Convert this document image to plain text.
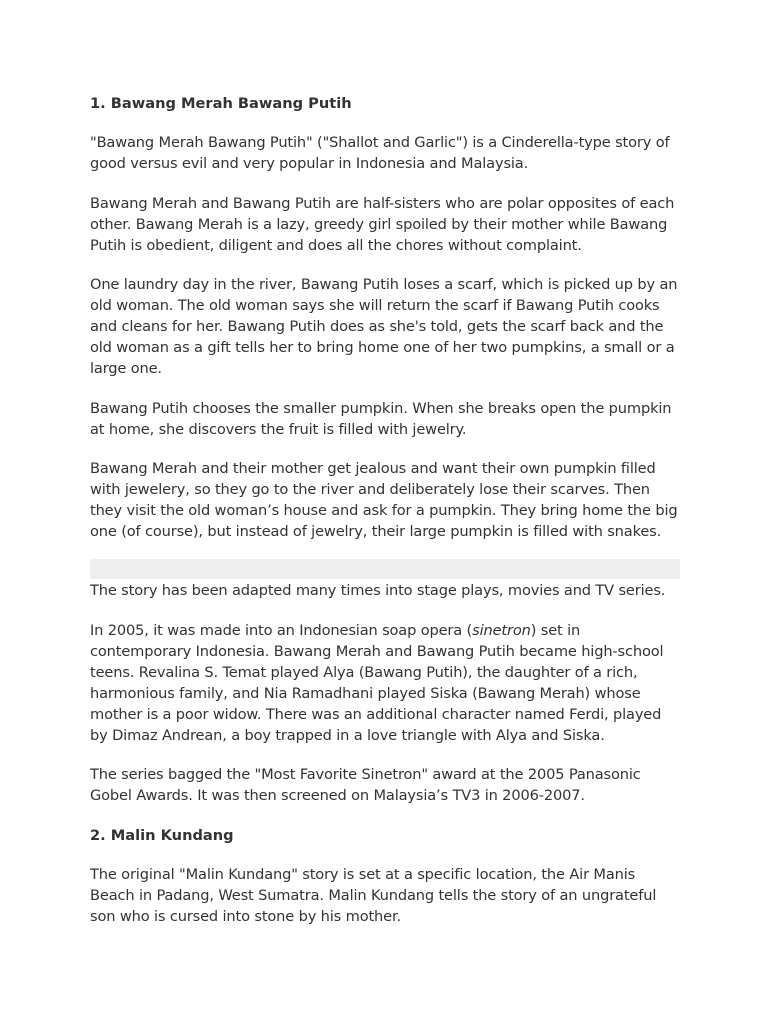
1. Bawang Merah Bawang Putih

"Bawang Merah Bawang Putih" ("Shallot and Garlic") is a Cinderella-type story of good versus evil and very popular in Indonesia and Malaysia.

Bawang Merah and Bawang Putih are half-sisters who are polar opposites of each other. Bawang Merah is a lazy, greedy girl spoiled by their mother while Bawang Putih is obedient, diligent and does all the chores without complaint.

One laundry day in the river, Bawang Putih loses a scarf, which is picked up by an old woman. The old woman says she will return the scarf if Bawang Putih cooks and cleans for her. Bawang Putih does as she's told, gets the scarf back and the old woman as a gift tells her to bring home one of her two pumpkins, a small or a large one.

Bawang Putih chooses the smaller pumpkin. When she breaks open the pumpkin at home, she discovers the fruit is filled with jewelry.

Bawang Merah and their mother get jealous and want their own pumpkin filled with jewelery, so they go to the river and deliberately lose their scarves. Then they visit the old woman’s house and ask for a pumpkin. They bring home the big one (of course), but instead of jewelry, their large pumpkin is filled with snakes.

The story has been adapted many times into stage plays, movies and TV series.

In 2005, it was made into an Indonesian soap opera (sinetron) set in contemporary Indonesia. Bawang Merah and Bawang Putih became high-school teens. Revalina S. Temat played Alya (Bawang Putih), the daughter of a rich, harmonious family, and Nia Ramadhani played Siska (Bawang Merah) whose mother is a poor widow. There was an additional character named Ferdi, played by Dimaz Andrean, a boy trapped in a love triangle with Alya and Siska.

The series bagged the "Most Favorite Sinetron" award at the 2005 Panasonic Gobel Awards. It was then screened on Malaysia’s TV3 in 2006-2007.

2. Malin Kundang

The original "Malin Kundang" story is set at a specific location, the Air Manis Beach in Padang, West Sumatra. Malin Kundang tells the story of an ungrateful son who is cursed into stone by his mother.
